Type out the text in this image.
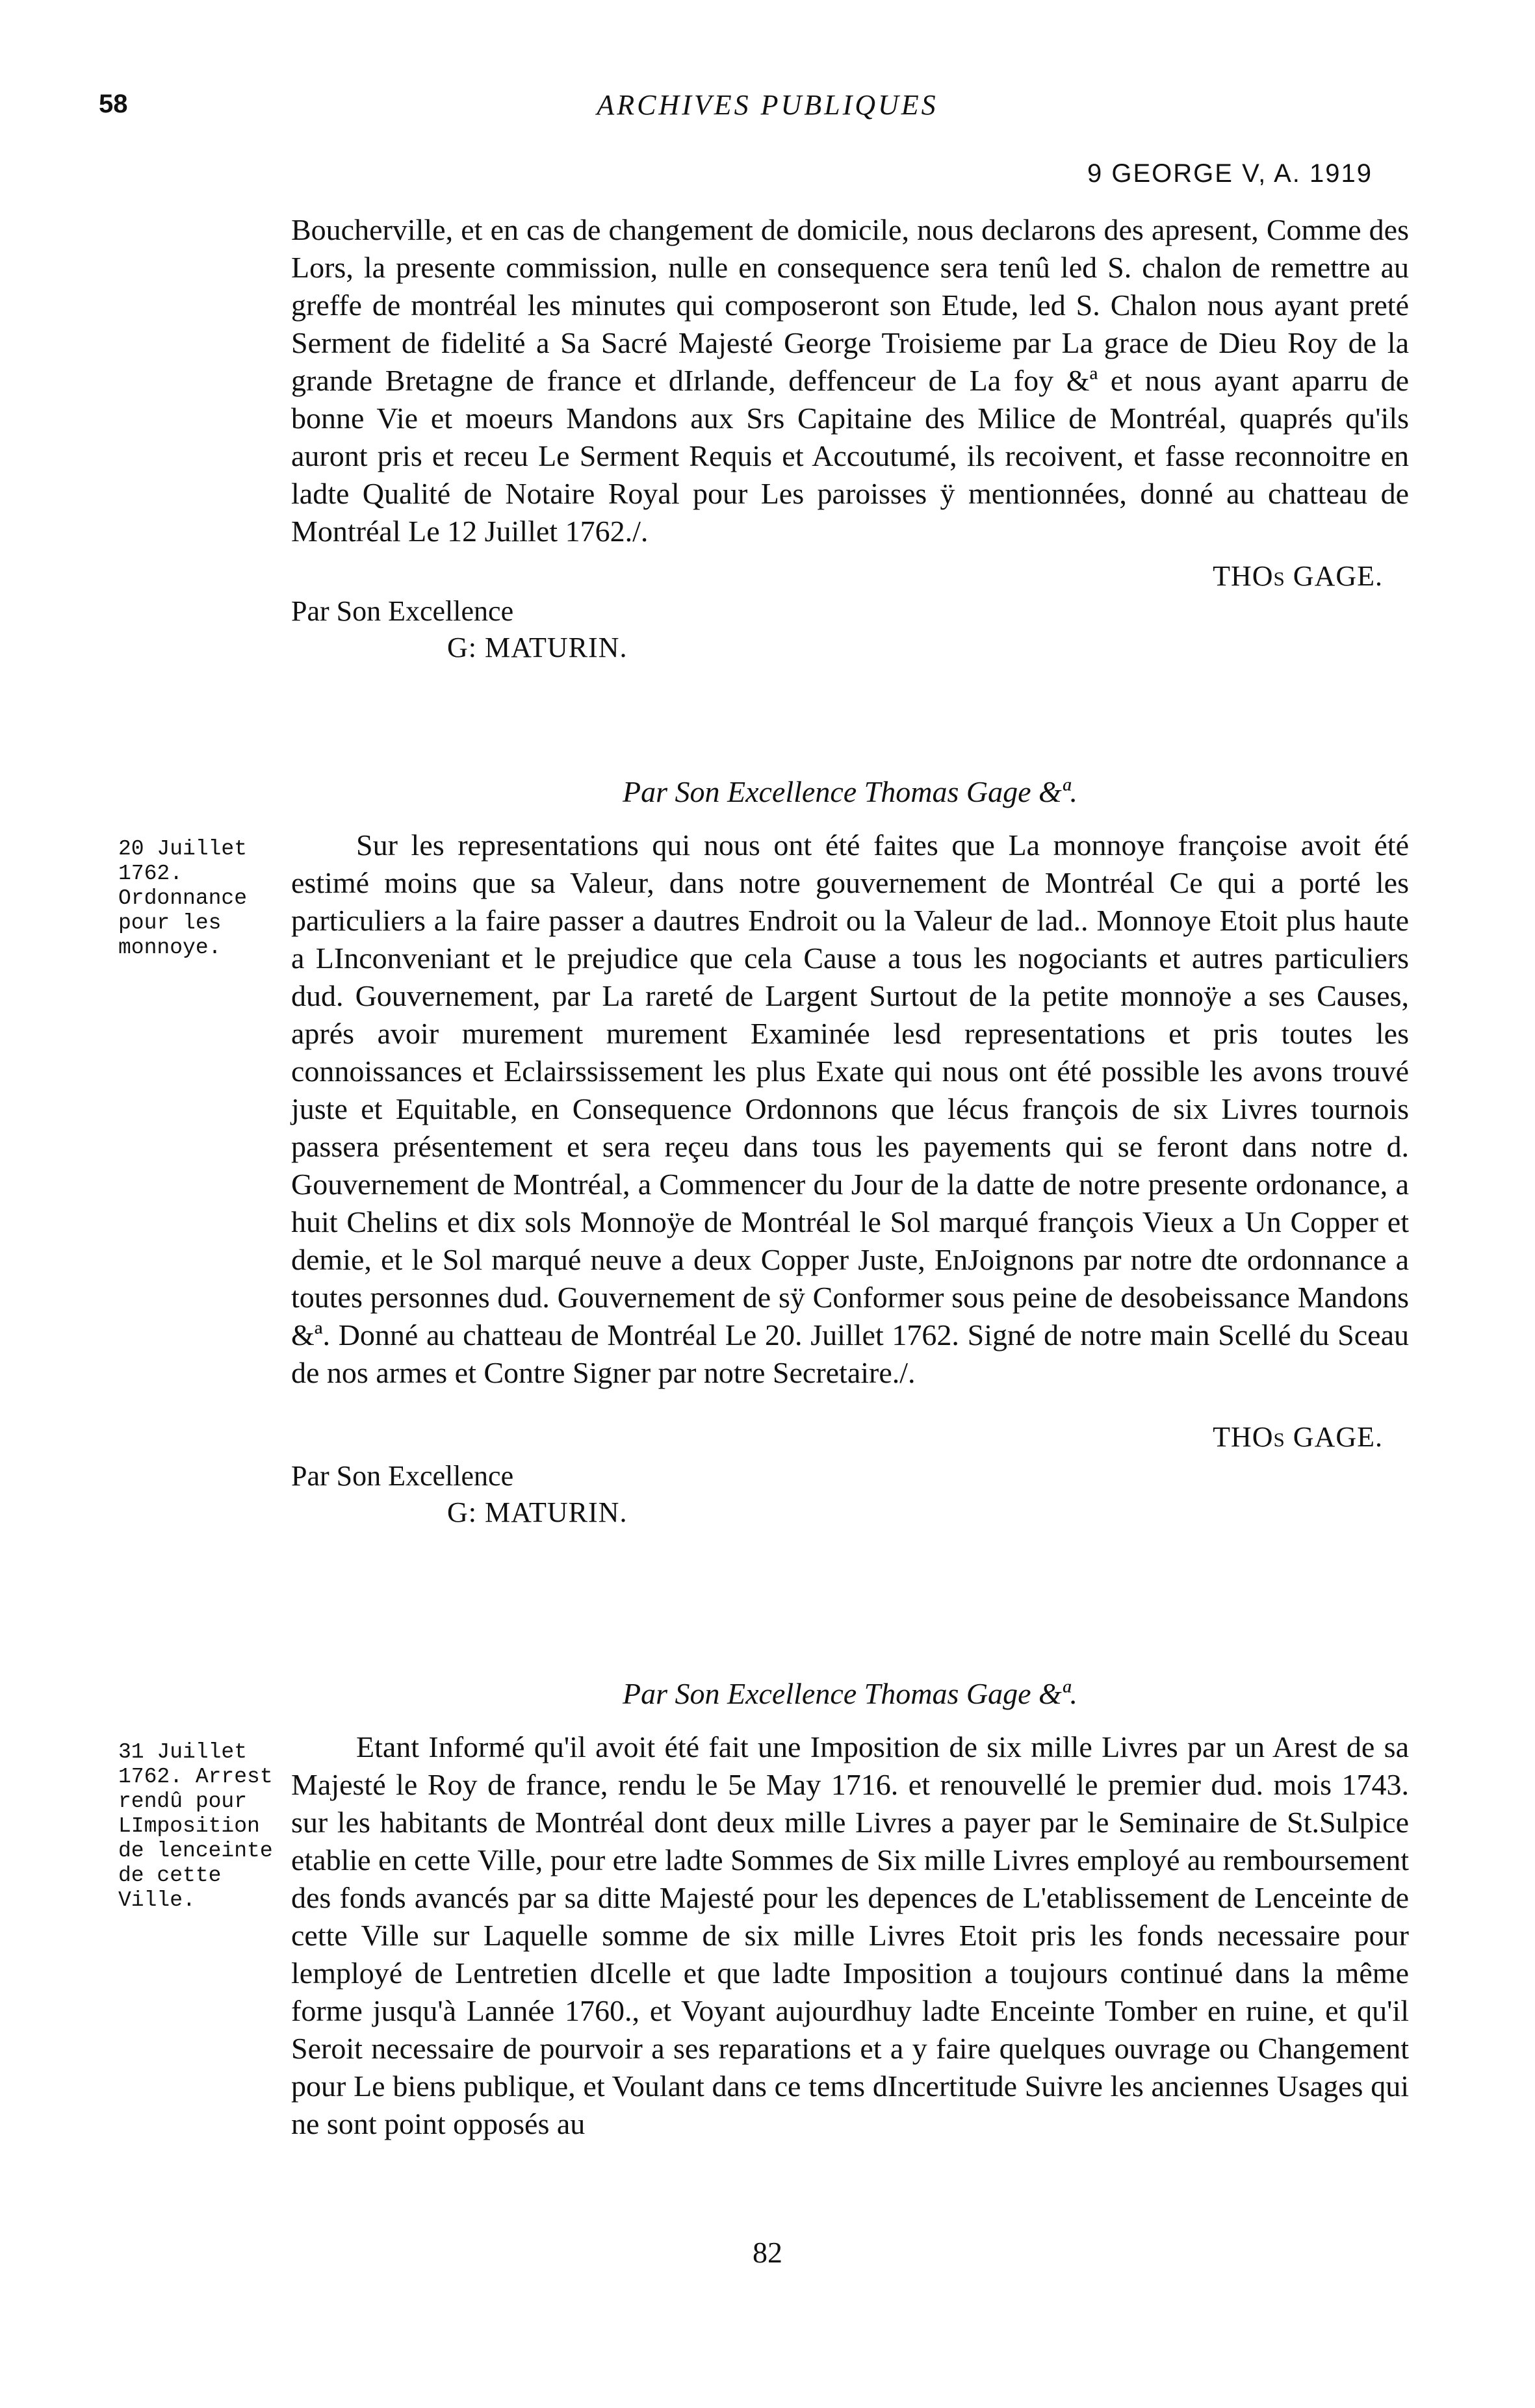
58	ARCHIVES PUBLIQUES
9 GEORGE V, A. 1919

Boucherville, et en cas de changement de domicile, nous declarons des apresent, Comme des Lors, la presente commission, nulle en consequence sera tenû led S. chalon de remettre au greffe de montréal les minutes qui composeront son Etude, led S. Chalon nous ayant preté Serment de fidelité a Sa Sacré Majesté George Troisieme par La grace de Dieu Roy de la grande Bretagne de france et dIrlande, deffenceur de La foy &ª et nous ayant aparru de bonne Vie et moeurs Mandons aux Srs Capitaine des Milice de Montréal, quaprés qu'ils auront pris et receu Le Serment Requis et Accoutumé, ils recoivent, et fasse reconnoitre en ladte Qualité de Notaire Royal pour Les paroisses ÿ mentionnées, donné au chatteau de Montréal Le 12 Juillet 1762./.

THOs GAGE.
Par Son Excellence
G: MATURIN.
Par Son Excellence Thomas Gage &ª.

Sur les representations qui nous ont été faites que La monnoye françoise avoit été estimé moins que sa Valeur, dans notre gouvernement de Montréal Ce qui a porté les particuliers a la faire passer a dautres Endroit ou la Valeur de lad.. Monnoye Etoit plus haute a LInconveniant et le prejudice que cela Cause a tous les nogociants et autres particuliers dud. Gouvernement, par La rareté de Largent Surtout de la petite monnoÿe a ses Causes, aprés avoir murement murement Examinée lesd representations et pris toutes les connoissances et Eclairssissement les plus Exate qui nous ont été possible les avons trouvé juste et Equitable, en Consequence Ordonnons que lécus françois de six Livres tournois passera présentement et sera reçeu dans tous les payements qui se feront dans notre d. Gouvernement de Montréal, a Commencer du Jour de la datte de notre presente ordonance, a huit Chelins et dix sols Monnoÿe de Montréal le Sol marqué françois Vieux a Un Copper et demie, et le Sol marqué neuve a deux Copper Juste, EnJoignons par notre dte ordonnance a toutes personnes dud. Gouvernement de sÿ Conformer sous peine de desobeissance Mandons &ª. Donné au chatteau de Montréal Le 20. Juillet 1762. Signé de notre main Scellé du Sceau de nos armes et Contre Signer par notre Secretaire./.

THOs GAGE.
Par Son Excellence
G: MATURIN.
20 Juillet 1762. Ordonnance pour les monnoye.
Par Son Excellence Thomas Gage &ª.

Etant Informé qu'il avoit été fait une Imposition de six mille Livres par un Arest de sa Majesté le Roy de france, rendu le 5e May 1716. et renouvellé le premier dud. mois 1743. sur les habitants de Montréal dont deux mille Livres a payer par le Seminaire de St.Sulpice etablie en cette Ville, pour etre ladte Sommes de Six mille Livres employé au remboursement des fonds avancés par sa ditte Majesté pour les depences de L'etablissement de Lenceinte de cette Ville sur Laquelle somme de six mille Livres Etoit pris les fonds necessaire pour lemployé de Lentretien dIcelle et que ladte Imposition a toujours continué dans la même forme jusqu'à Lannée 1760., et Voyant aujourdhuy ladte Enceinte Tomber en ruine, et qu'il Seroit necessaire de pourvoir a ses reparations et a y faire quelques ouvrage ou Changement pour Le biens publique, et Voulant dans ce tems dIncertitude Suivre les anciennes Usages qui ne sont point opposés au

31 Juillet 1762. Arrest rendû pour LImposition de lenceinte de cette Ville.
82
